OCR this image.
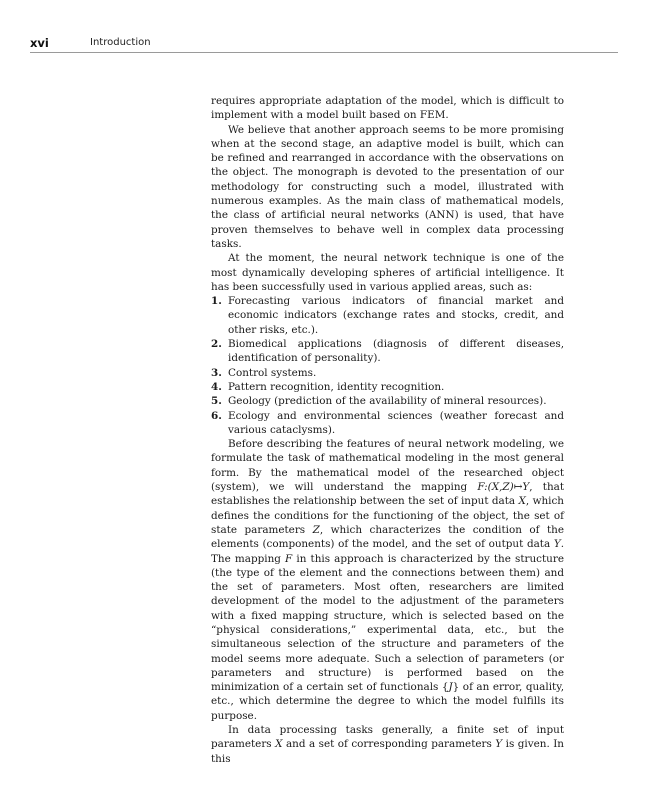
xvi	Introduction

requires appropriate adaptation of the model, which is difficult to implement with a model built based on FEM.

We believe that another approach seems to be more promising when at the second stage, an adaptive model is built, which can be refined and rearranged in accordance with the observations on the object. The monograph is devoted to the presentation of our methodology for constructing such a model, illustrated with numerous examples. As the main class of mathematical models, the class of artificial neural networks (ANN) is used, that have proven themselves to behave well in complex data processing tasks.

At the moment, the neural network technique is one of the most dynamically developing spheres of artificial intelligence. It has been successfully used in various applied areas, such as:

1. Forecasting various indicators of financial market and economic indicators (exchange rates and stocks, credit, and other risks, etc.).
2. Biomedical applications (diagnosis of different diseases, identification of personality).
3. Control systems.
4. Pattern recognition, identity recognition.
5. Geology (prediction of the availability of mineral resources).
6. Ecology and environmental sciences (weather forecast and various cataclysms).

Before describing the features of neural network modeling, we formulate the task of mathematical modeling in the most general form. By the mathematical model of the researched object (system), we will understand the mapping F:(X,Z)↦Y, that establishes the relationship between the set of input data X, which defines the conditions for the functioning of the object, the set of state parameters Z, which characterizes the condition of the elements (components) of the model, and the set of output data Y. The mapping F in this approach is characterized by the structure (the type of the element and the connections between them) and the set of parameters. Most often, researchers are limited development of the model to the adjustment of the parameters with a fixed mapping structure, which is selected based on the “physical considerations,” experimental data, etc., but the simultaneous selection of the structure and parameters of the model seems more adequate. Such a selection of parameters (or parameters and structure) is performed based on the minimization of a certain set of functionals {J} of an error, quality, etc., which determine the degree to which the model fulfills its purpose.

In data processing tasks generally, a finite set of input parameters X and a set of corresponding parameters Y is given. In this
